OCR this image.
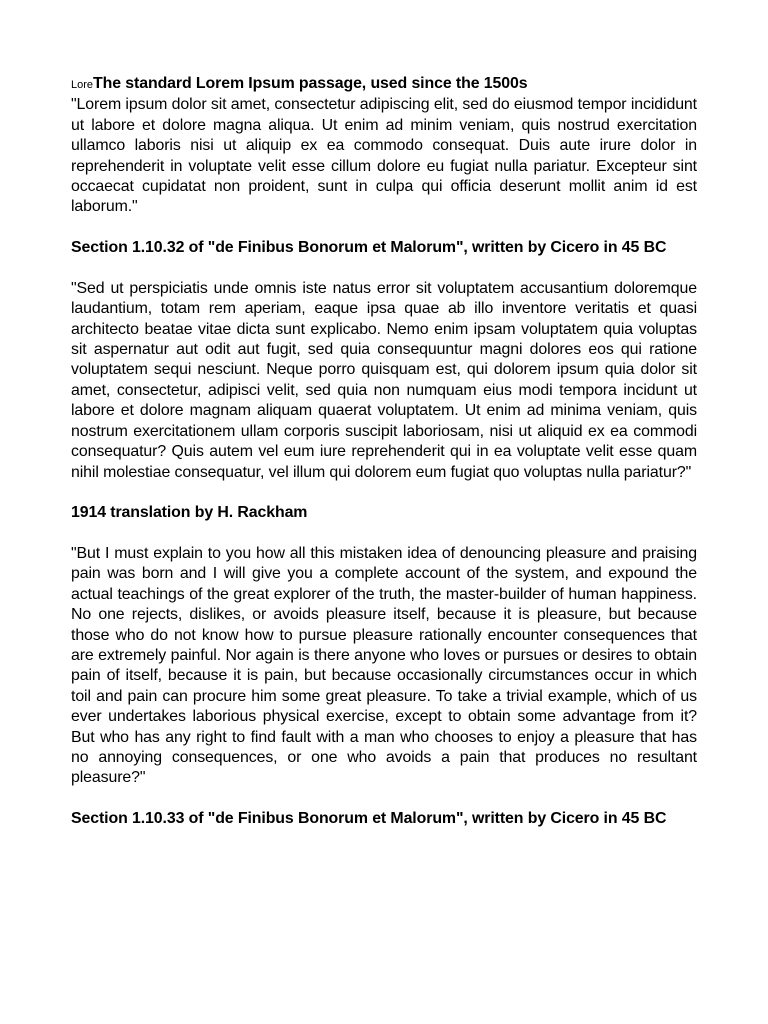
LoreThe standard Lorem Ipsum passage, used since the 1500s

"Lorem ipsum dolor sit amet, consectetur adipiscing elit, sed do eiusmod tempor incididunt ut labore et dolore magna aliqua. Ut enim ad minim veniam, quis nostrud exercitation ullamco laboris nisi ut aliquip ex ea commodo consequat. Duis aute irure dolor in reprehenderit in voluptate velit esse cillum dolore eu fugiat nulla pariatur. Excepteur sint occaecat cupidatat non proident, sunt in culpa qui officia deserunt mollit anim id est laborum."

Section 1.10.32 of "de Finibus Bonorum et Malorum", written by Cicero in 45 BC

"Sed ut perspiciatis unde omnis iste natus error sit voluptatem accusantium doloremque laudantium, totam rem aperiam, eaque ipsa quae ab illo inventore veritatis et quasi architecto beatae vitae dicta sunt explicabo. Nemo enim ipsam voluptatem quia voluptas sit aspernatur aut odit aut fugit, sed quia consequuntur magni dolores eos qui ratione voluptatem sequi nesciunt. Neque porro quisquam est, qui dolorem ipsum quia dolor sit amet, consectetur, adipisci velit, sed quia non numquam eius modi tempora incidunt ut labore et dolore magnam aliquam quaerat voluptatem. Ut enim ad minima veniam, quis nostrum exercitationem ullam corporis suscipit laboriosam, nisi ut aliquid ex ea commodi consequatur? Quis autem vel eum iure reprehenderit qui in ea voluptate velit esse quam nihil molestiae consequatur, vel illum qui dolorem eum fugiat quo voluptas nulla pariatur?"

1914 translation by H. Rackham

"But I must explain to you how all this mistaken idea of denouncing pleasure and praising pain was born and I will give you a complete account of the system, and expound the actual teachings of the great explorer of the truth, the master-builder of human happiness. No one rejects, dislikes, or avoids pleasure itself, because it is pleasure, but because those who do not know how to pursue pleasure rationally encounter consequences that are extremely painful. Nor again is there anyone who loves or pursues or desires to obtain pain of itself, because it is pain, but because occasionally circumstances occur in which toil and pain can procure him some great pleasure. To take a trivial example, which of us ever undertakes laborious physical exercise, except to obtain some advantage from it? But who has any right to find fault with a man who chooses to enjoy a pleasure that has no annoying consequences, or one who avoids a pain that produces no resultant pleasure?"

Section 1.10.33 of "de Finibus Bonorum et Malorum", written by Cicero in 45 BC
